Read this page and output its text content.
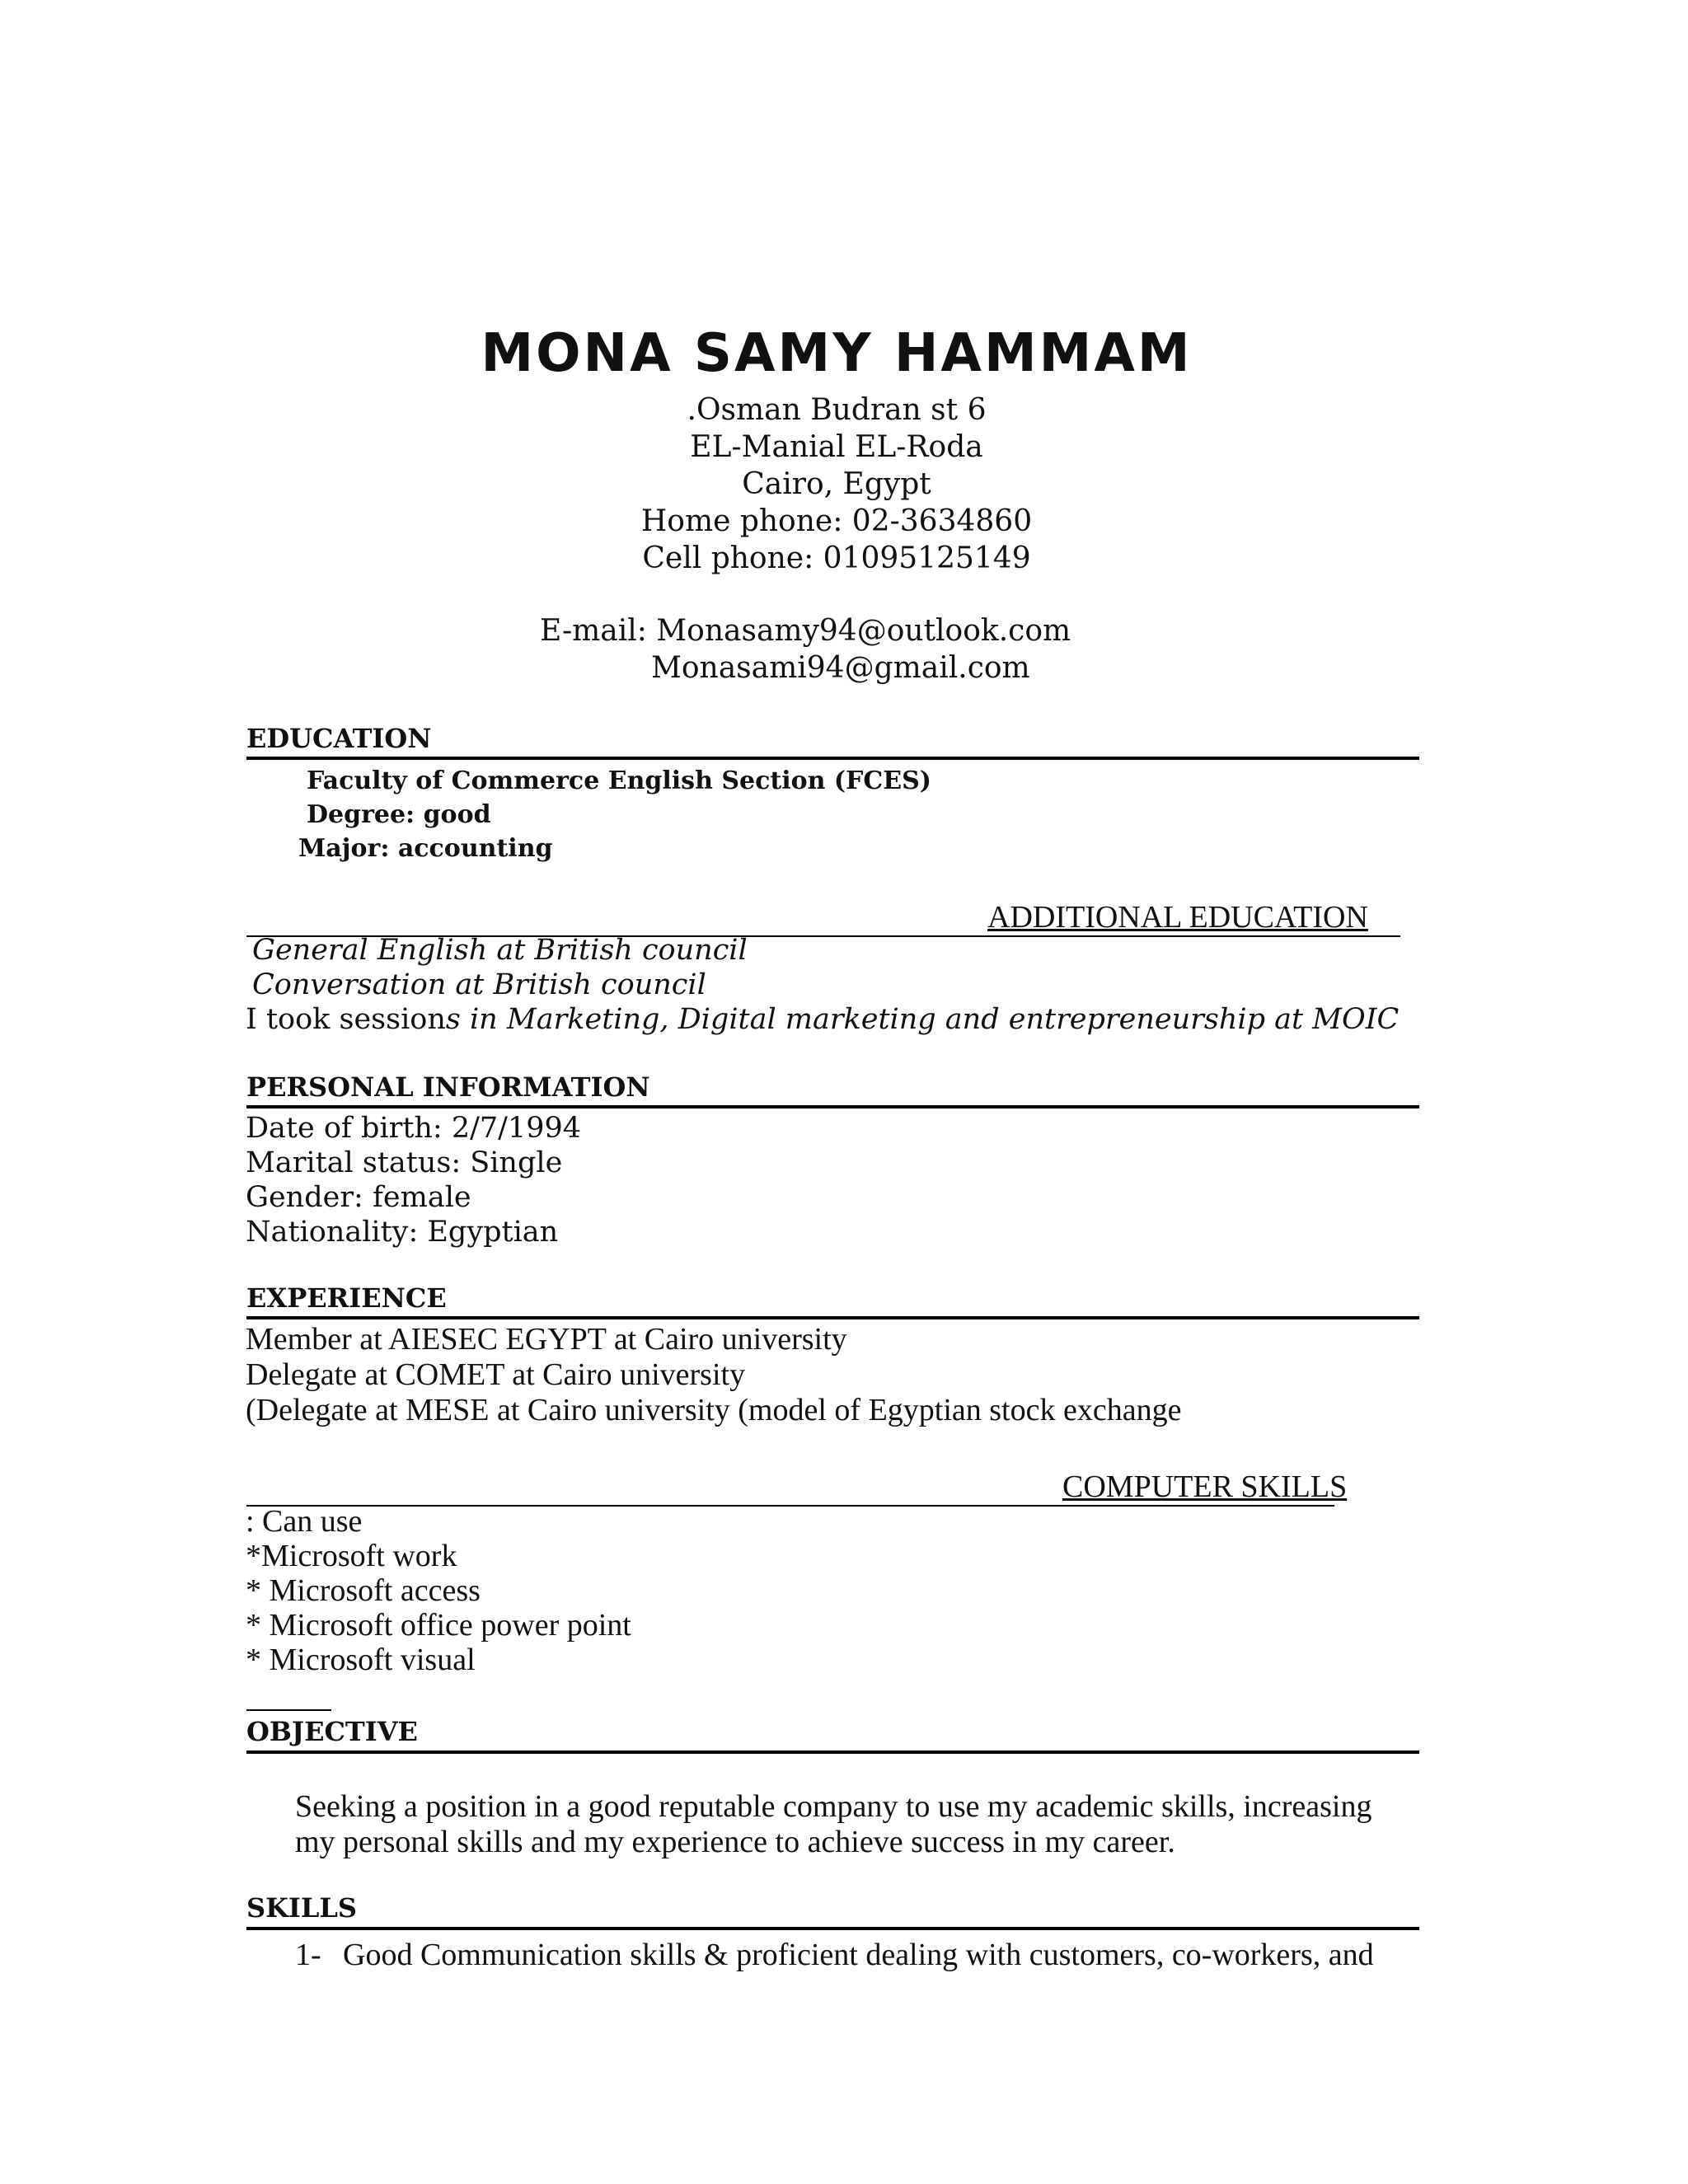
MONA SAMY HAMMAM
.Osman Budran st 6
EL-Manial EL-Roda
Cairo, Egypt
Home phone: 02-3634860
Cell phone: 01095125149
E-mail: Monasamy94@outlook.com
Monasami94@gmail.com
EDUCATION
Faculty of Commerce English Section (FCES)
Degree: good
Major: accounting
ADDITIONAL EDUCATION
General English at British council
Conversation at British council
I took sessions in Marketing, Digital marketing and entrepreneurship at MOIC
PERSONAL INFORMATION
Date of birth: 2/7/1994
Marital status: Single
Gender: female
Nationality: Egyptian
EXPERIENCE
Member at AIESEC EGYPT at Cairo university
Delegate at COMET at Cairo university
(Delegate at MESE at Cairo university (model of Egyptian stock exchange
COMPUTER SKILLS
: Can use
*Microsoft work
* Microsoft access
* Microsoft office power point
* Microsoft visual
OBJECTIVE
Seeking a position in a good reputable company to use my academic skills, increasing
my personal skills and my experience to achieve success in my career.
SKILLS
1- Good Communication skills & proficient dealing with customers, co-workers, and
